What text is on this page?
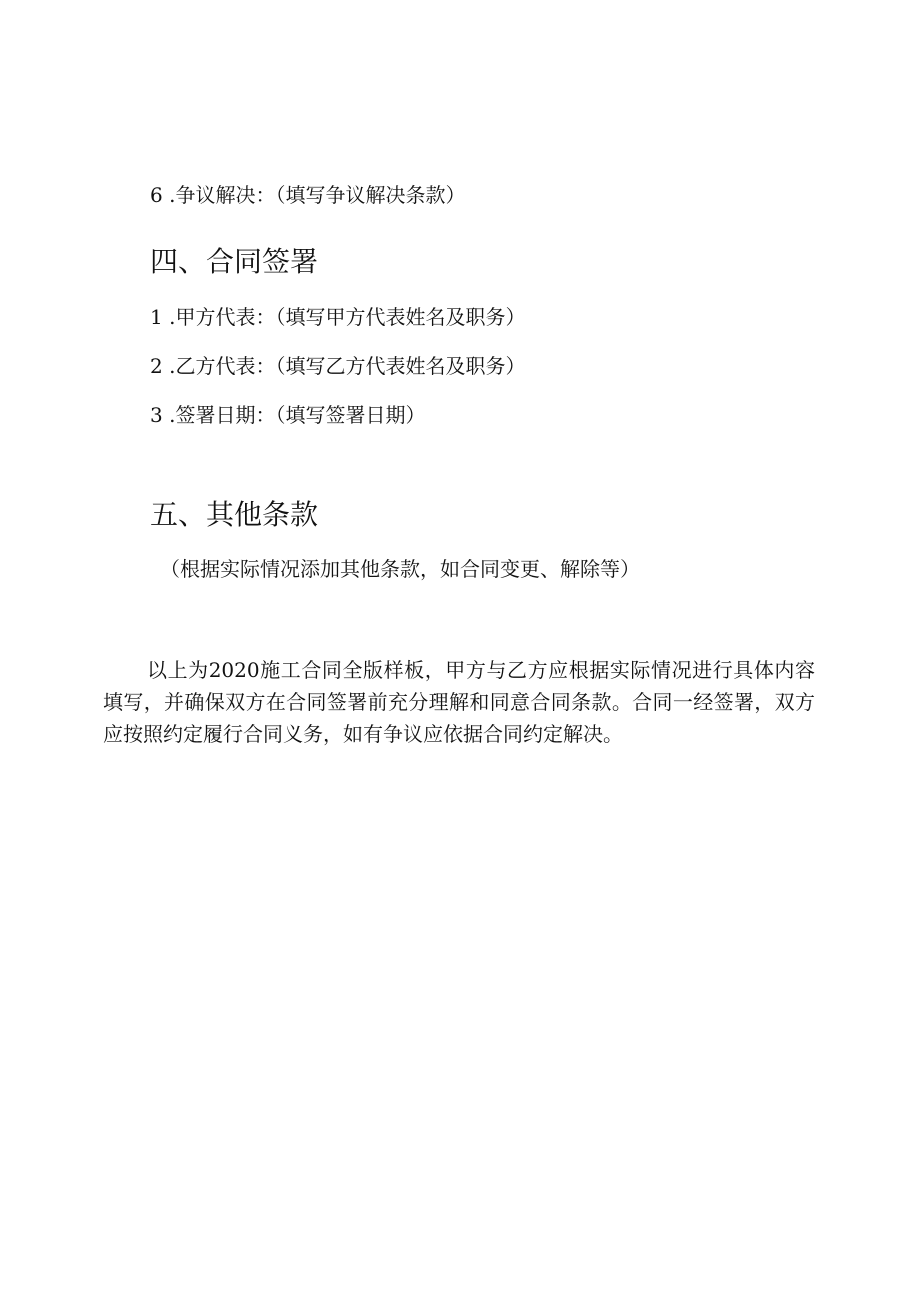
6 .争议解决：（填写争议解决条款）
四、合同签署
1 .甲方代表：（填写甲方代表姓名及职务）
2 .乙方代表：（填写乙方代表姓名及职务）
3 .签署日期：（填写签署日期）
五、其他条款
（根据实际情况添加其他条款，如合同变更、解除等）

以上为2020施工合同全版样板，甲方与乙方应根据实际情况进行具体内容填写，并确保双方在合同签署前充分理解和同意合同条款。合同一经签署，双方应按照约定履行合同义务，如有争议应依据合同约定解决。
